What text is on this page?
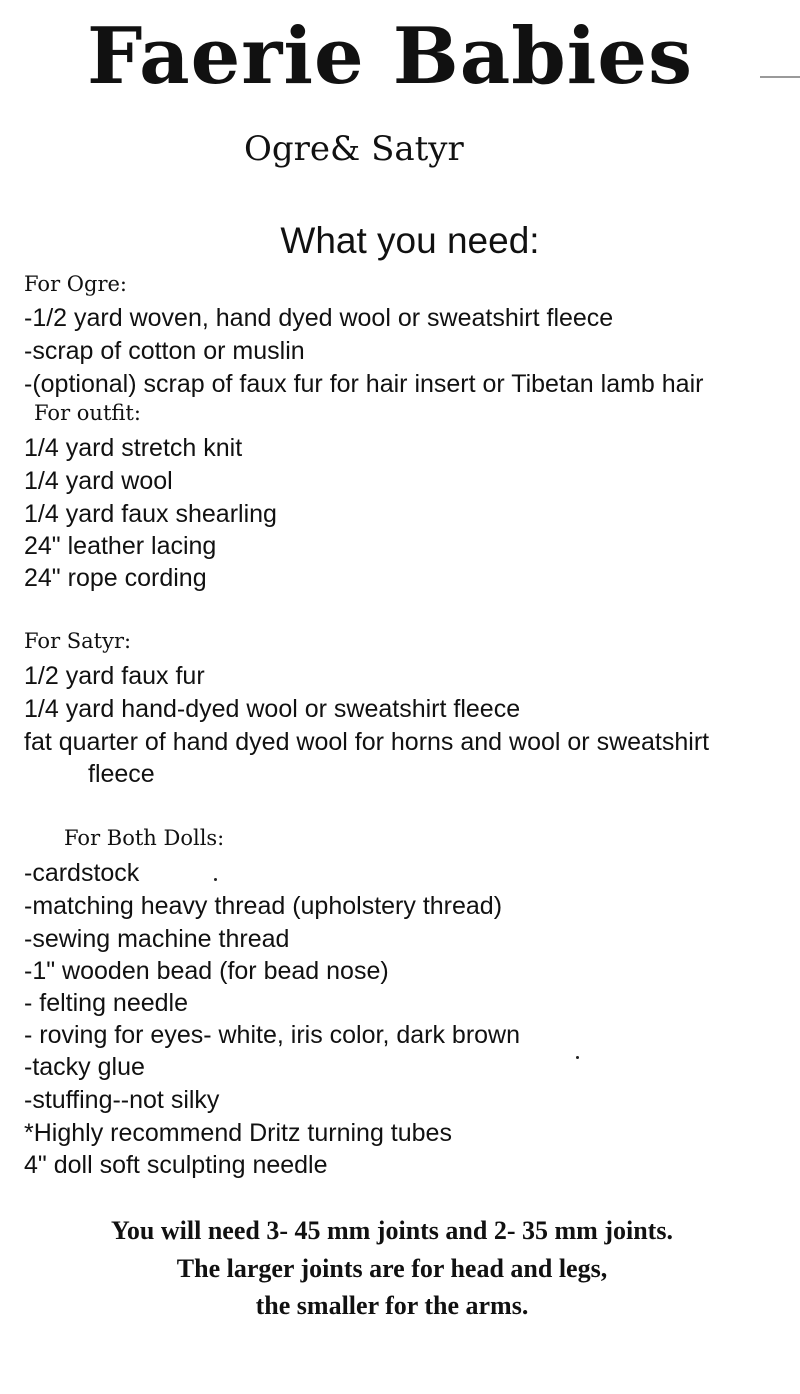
Faerie Babies
Ogre& Satyr
What you need:
For Ogre:
-1/2 yard woven, hand dyed wool or sweatshirt fleece
-scrap of cotton or muslin
-(optional) scrap of faux fur for hair insert or Tibetan lamb hair
For outfit:
1/4 yard stretch knit
1/4 yard wool
1/4 yard faux shearling
24" leather lacing
24" rope cording
For Satyr:
1/2 yard faux fur
1/4 yard hand-dyed wool or sweatshirt fleece
fat quarter of hand dyed wool for horns and wool or sweatshirt
fleece
For Both Dolls:
-cardstock
-matching heavy thread (upholstery thread)
-sewing machine thread
-1" wooden bead (for bead nose)
- felting needle
- roving for eyes- white, iris color, dark brown
-tacky glue
-stuffing--not silky
*Highly recommend Dritz turning tubes
4" doll soft sculpting needle
You will need 3- 45 mm joints and 2- 35 mm joints.
The larger joints are for head and legs,
the smaller for the arms.
